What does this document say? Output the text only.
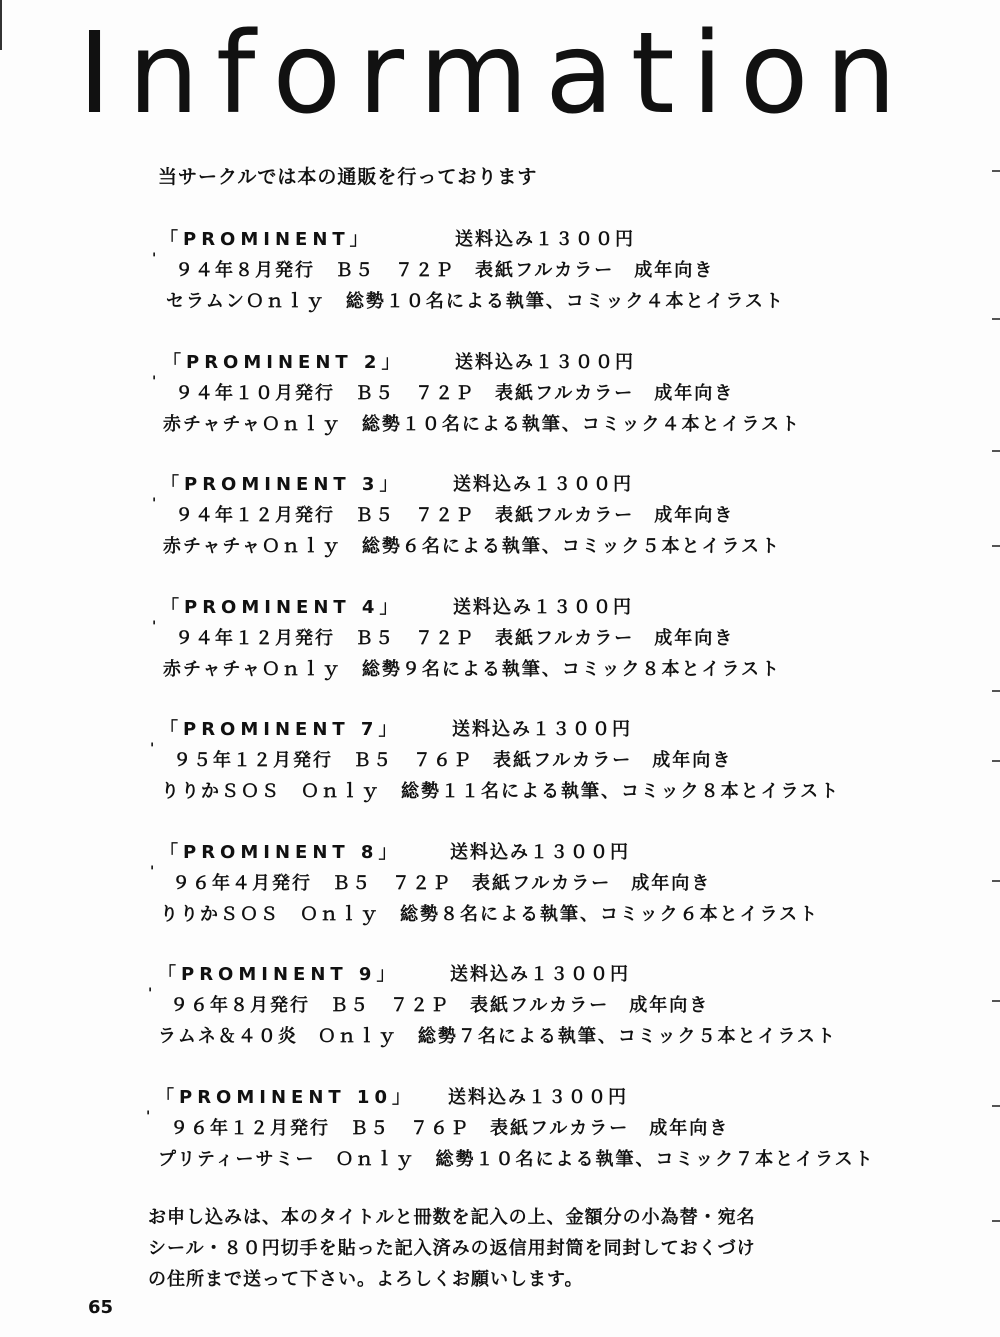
Information
当サークルでは本の通販を行っております
「PROMINENT」	送料込み１３００円
'
９４年８月発行　Ｂ５　７２Ｐ　表紙フルカラー　成年向き
セラムンＯｎｌｙ　総勢１０名による執筆、コミック４本とイラスト
「PROMINENT 2」	送料込み１３００円
'
９４年１０月発行　Ｂ５　７２Ｐ　表紙フルカラー　成年向き
赤チャチャＯｎｌｙ　総勢１０名による執筆、コミック４本とイラスト
「PROMINENT 3」	送料込み１３００円
'
９４年１２月発行　Ｂ５　７２Ｐ　表紙フルカラー　成年向き
赤チャチャＯｎｌｙ　総勢６名による執筆、コミック５本とイラスト
「PROMINENT 4」	送料込み１３００円
'
９４年１２月発行　Ｂ５　７２Ｐ　表紙フルカラー　成年向き
赤チャチャＯｎｌｙ　総勢９名による執筆、コミック８本とイラスト
「PROMINENT 7」	送料込み１３００円
'
９５年１２月発行　Ｂ５　７６Ｐ　表紙フルカラー　成年向き
りりかＳＯＳ　Ｏｎｌｙ　総勢１１名による執筆、コミック８本とイラスト
「PROMINENT 8」	送料込み１３００円
'
９６年４月発行　Ｂ５　７２Ｐ　表紙フルカラー　成年向き
りりかＳＯＳ　Ｏｎｌｙ　総勢８名による執筆、コミック６本とイラスト
「PROMINENT 9」	送料込み１３００円
'
９６年８月発行　Ｂ５　７２Ｐ　表紙フルカラー　成年向き
ラムネ＆４０炎　Ｏｎｌｙ　総勢７名による執筆、コミック５本とイラスト
「PROMINENT 10」 送料込み１３００円
'
９６年１２月発行　Ｂ５　７６Ｐ　表紙フルカラー　成年向き
プリティーサミー　Ｏｎｌｙ　総勢１０名による執筆、コミック７本とイラスト
お申し込みは、本のタイトルと冊数を記入の上、金額分の小為替・宛名
シール・８０円切手を貼った記入済みの返信用封筒を同封しておくづけ
の住所まで送って下さい。よろしくお願いします。
65
